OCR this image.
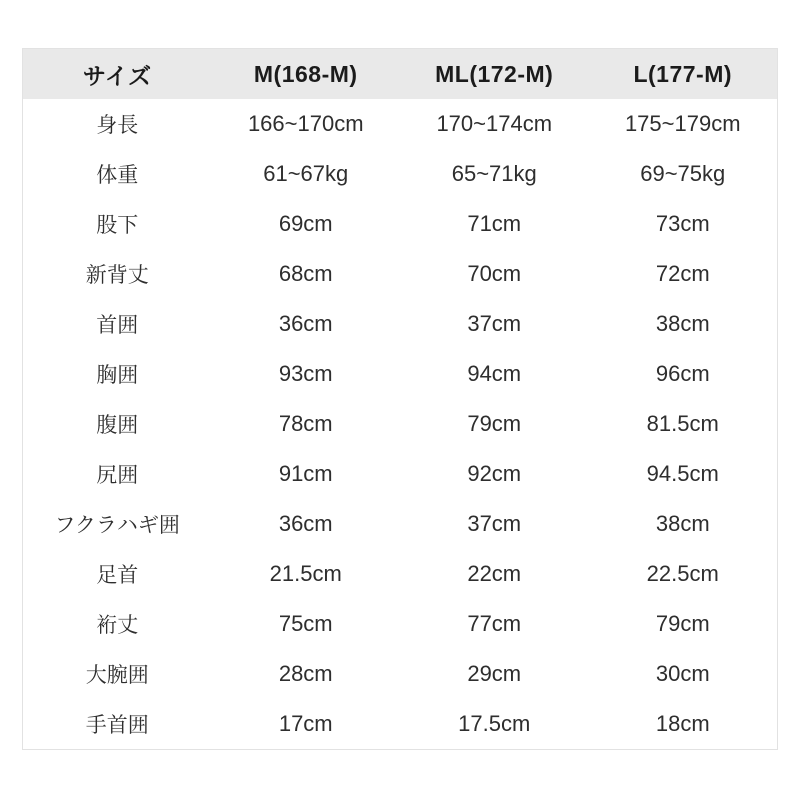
サイズ	M(168-M)	ML(172-M)	L(177-M)
身長	166~170cm	170~174cm	175~179cm
体重	61~67kg	65~71kg	69~75kg
股下	69cm	71cm	73cm
新背丈	68cm	70cm	72cm
首囲	36cm	37cm	38cm
胸囲	93cm	94cm	96cm
腹囲	78cm	79cm	81.5cm
尻囲	91cm	92cm	94.5cm
フクラハギ囲	36cm	37cm	38cm
足首	21.5cm	22cm	22.5cm
裄丈	75cm	77cm	79cm
大腕囲	28cm	29cm	30cm
手首囲	17cm	17.5cm	18cm
